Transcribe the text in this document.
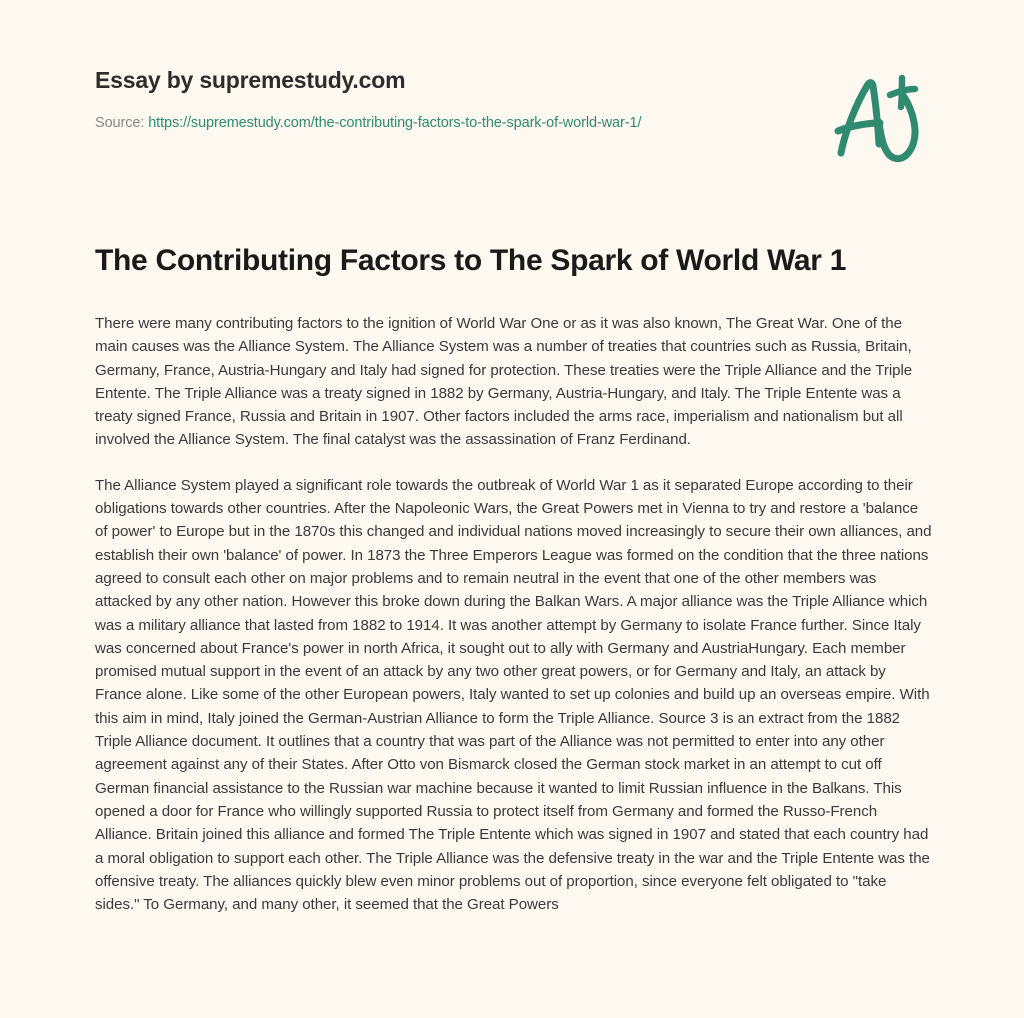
Essay by supremestudy.com
Source: https://supremestudy.com/the-contributing-factors-to-the-spark-of-world-war-1/
The Contributing Factors to The Spark of World War 1

There were many contributing factors to the ignition of World War One or as it was also known, The Great War. One of the main causes was the Alliance System. The Alliance System was a number of treaties that countries such as Russia, Britain, Germany, France, Austria-Hungary and Italy had signed for protection. These treaties were the Triple Alliance and the Triple Entente. The Triple Alliance was a treaty signed in 1882 by Germany, Austria-Hungary, and Italy. The Triple Entente was a treaty signed France, Russia and Britain in 1907. Other factors included the arms race, imperialism and nationalism but all involved the Alliance System. The final catalyst was the assassination of Franz Ferdinand.

The Alliance System played a significant role towards the outbreak of World War 1 as it separated Europe according to their obligations towards other countries. After the Napoleonic Wars, the Great Powers met in Vienna to try and restore a 'balance of power' to Europe but in the 1870s this changed and individual nations moved increasingly to secure their own alliances, and establish their own 'balance' of power. In 1873 the Three Emperors League was formed on the condition that the three nations agreed to consult each other on major problems and to remain neutral in the event that one of the other members was attacked by any other nation. However this broke down during the Balkan Wars. A major alliance was the Triple Alliance which was a military alliance that lasted from 1882 to 1914. It was another attempt by Germany to isolate France further. Since Italy was concerned about France's power in north Africa, it sought out to ally with Germany and AustriaHungary. Each member promised mutual support in the event of an attack by any two other great powers, or for Germany and Italy, an attack by France alone. Like some of the other European powers, Italy wanted to set up colonies and build up an overseas empire. With this aim in mind, Italy joined the German-Austrian Alliance to form the Triple Alliance. Source 3 is an extract from the 1882 Triple Alliance document. It outlines that a country that was part of the Alliance was not permitted to enter into any other agreement against any of their States. After Otto von Bismarck closed the German stock market in an attempt to cut off German financial assistance to the Russian war machine because it wanted to limit Russian influence in the Balkans. This opened a door for France who willingly supported Russia to protect itself from Germany and formed the Russo-French Alliance. Britain joined this alliance and formed The Triple Entente which was signed in 1907 and stated that each country had a moral obligation to support each other. The Triple Alliance was the defensive treaty in the war and the Triple Entente was the offensive treaty. The alliances quickly blew even minor problems out of proportion, since everyone felt obligated to "take sides." To Germany, and many other, it seemed that the Great Powers
